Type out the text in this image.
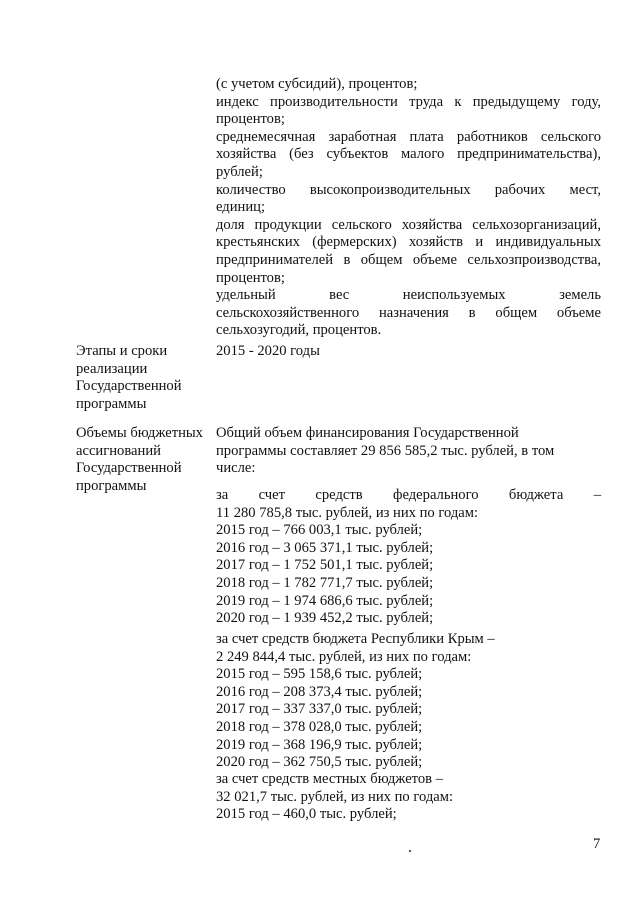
(с учетом субсидий), процентов;
индекс производительности труда к предыдущему году,
процентов;
среднемесячная заработная плата работников сельского
хозяйства (без субъектов малого предпринимательства),
рублей;
количество высокопроизводительных рабочих мест,
единиц;
доля продукции сельского хозяйства сельхозорганизаций,
крестьянских (фермерских) хозяйств и индивидуальных
предпринимателей в общем объеме сельхозпроизводства,
процентов;
удельный вес неиспользуемых земель
сельскохозяйственного назначения в общем объеме
сельхозугодий, процентов.
Этапы и сроки
реализации
Государственной
программы
2015 - 2020 годы
Объемы бюджетных
ассигнований
Государственной
программы
Общий объем финансирования Государственной
программы составляет 29 856 585,2 тыс. рублей, в том
числе:
за счет средств федерального бюджета –
11 280 785,8 тыс. рублей, из них по годам:
2015 год – 766 003,1 тыс. рублей;
2016 год – 3 065 371,1 тыс. рублей;
2017 год – 1 752 501,1 тыс. рублей;
2018 год – 1 782 771,7 тыс. рублей;
2019 год – 1 974 686,6 тыс. рублей;
2020 год – 1 939 452,2 тыс. рублей;
за счет средств бюджета Республики Крым –
2 249 844,4 тыс. рублей, из них по годам:
2015 год – 595 158,6 тыс. рублей;
2016 год – 208 373,4 тыс. рублей;
2017 год – 337 337,0 тыс. рублей;
2018 год – 378 028,0 тыс. рублей;
2019 год – 368 196,9 тыс. рублей;
2020 год – 362 750,5 тыс. рублей;
за счет средств местных бюджетов –
32 021,7 тыс. рублей, из них по годам:
2015 год – 460,0 тыс. рублей;
7
